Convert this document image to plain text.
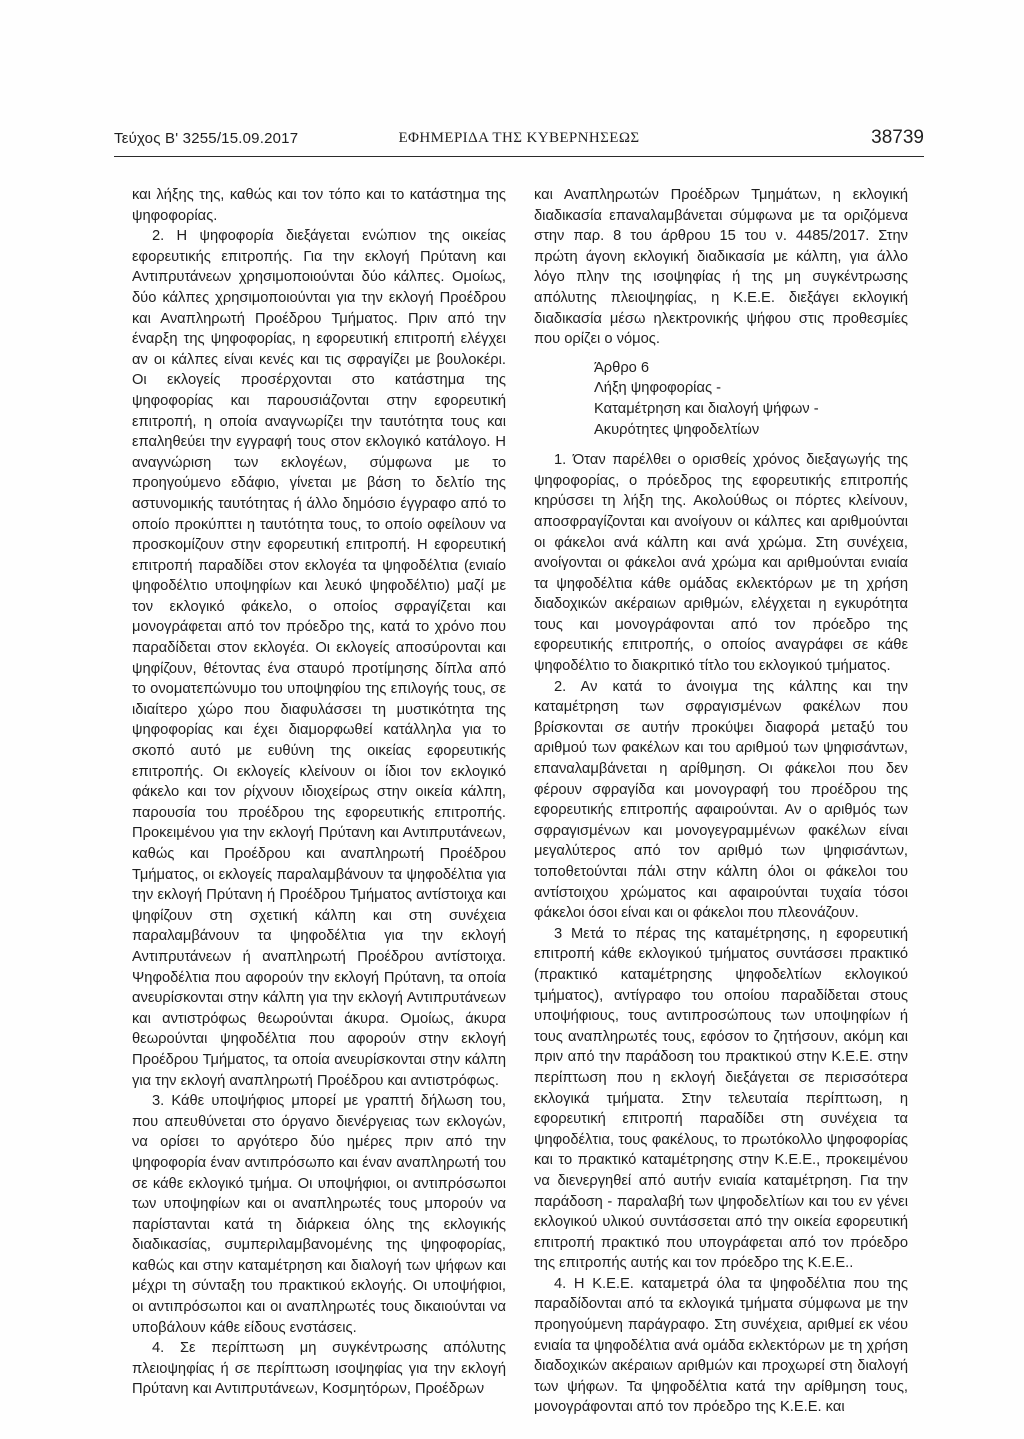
Τεύχος Β' 3255/15.09.2017	ΕΦΗΜΕΡΙΔΑ ΤΗΣ ΚΥΒΕΡΝΗΣΕΩΣ	38739

και λήξης της, καθώς και τον τόπο και το κατάστημα της ψηφοφορίας.

2. Η ψηφοφορία διεξάγεται ενώπιον της οικείας εφορευτικής επιτροπής. Για την εκλογή Πρύτανη και Αντιπρυτάνεων χρησιμοποιούνται δύο κάλπες. Ομοίως, δύο κάλπες χρησιμοποιούνται για την εκλογή Προέδρου και Αναπληρωτή Προέδρου Τμήματος. Πριν από την έναρξη της ψηφοφορίας, η εφορευτική επιτροπή ελέγχει αν οι κάλπες είναι κενές και τις σφραγίζει με βουλοκέρι. Οι εκλογείς προσέρχονται στο κατάστημα της ψηφοφορίας και παρουσιάζονται στην εφορευτική επιτροπή, η οποία αναγνωρίζει την ταυτότητα τους και επαληθεύει την εγγραφή τους στον εκλογικό κατάλογο. Η αναγνώριση των εκλογέων, σύμφωνα με το προηγούμενο εδάφιο, γίνεται με βάση το δελτίο της αστυνομικής ταυτότητας ή άλλο δημόσιο έγγραφο από το οποίο προκύπτει η ταυτότητα τους, το οποίο οφείλουν να προσκομίζουν στην εφορευτική επιτροπή. Η εφορευτική επιτροπή παραδίδει στον εκλογέα τα ψηφοδέλτια (ενιαίο ψηφοδέλτιο υποψηφίων και λευκό ψηφοδέλτιο) μαζί με τον εκλογικό φάκελο, ο οποίος σφραγίζεται και μονογράφεται από τον πρόεδρο της, κατά το χρόνο που παραδίδεται στον εκλογέα. Οι εκλογείς αποσύρονται και ψηφίζουν, θέτοντας ένα σταυρό προτίμησης δίπλα από το ονοματεπώνυμο του υποψηφίου της επιλογής τους, σε ιδιαίτερο χώρο που διαφυλάσσει τη μυστικότητα της ψηφοφορίας και έχει διαμορφωθεί κατάλληλα για το σκοπό αυτό με ευθύνη της οικείας εφορευτικής επιτροπής. Οι εκλογείς κλείνουν οι ίδιοι τον εκλογικό φάκελο και τον ρίχνουν ιδιοχείρως στην οικεία κάλπη, παρουσία του προέδρου της εφορευτικής επιτροπής. Προκειμένου για την εκλογή Πρύτανη και Αντιπρυτάνεων, καθώς και Προέδρου και αναπληρωτή Προέδρου Τμήματος, οι εκλογείς παραλαμβάνουν τα ψηφοδέλτια για την εκλογή Πρύτανη ή Προέδρου Τμήματος αντίστοιχα και ψηφίζουν στη σχετική κάλπη και στη συνέχεια παραλαμβάνουν τα ψηφοδέλτια για την εκλογή Αντιπρυτάνεων ή αναπληρωτή Προέδρου αντίστοιχα. Ψηφοδέλτια που αφορούν την εκλογή Πρύτανη, τα οποία ανευρίσκονται στην κάλπη για την εκλογή Αντιπρυτάνεων και αντιστρόφως θεωρούνται άκυρα. Ομοίως, άκυρα θεωρούνται ψηφοδέλτια που αφορούν στην εκλογή Προέδρου Τμήματος, τα οποία ανευρίσκονται στην κάλπη για την εκλογή αναπληρωτή Προέδρου και αντιστρόφως.

3. Κάθε υποψήφιος μπορεί με γραπτή δήλωση του, που απευθύνεται στο όργανο διενέργειας των εκλογών, να ορίσει το αργότερο δύο ημέρες πριν από την ψηφοφορία έναν αντιπρόσωπο και έναν αναπληρωτή του σε κάθε εκλογικό τμήμα. Οι υποψήφιοι, οι αντιπρόσωποι των υποψηφίων και οι αναπληρωτές τους μπορούν να παρίστανται κατά τη διάρκεια όλης της εκλογικής διαδικασίας, συμπεριλαμβανομένης της ψηφοφορίας, καθώς και στην καταμέτρηση και διαλογή των ψήφων και μέχρι τη σύνταξη του πρακτικού εκλογής. Οι υποψήφιοι, οι αντιπρόσωποι και οι αναπληρωτές τους δικαιούνται να υποβάλουν κάθε είδους ενστάσεις.

4. Σε περίπτωση μη συγκέντρωσης απόλυτης πλειοψηφίας ή σε περίπτωση ισοψηφίας για την εκλογή Πρύτανη και Αντιπρυτάνεων, Κοσμητόρων, Προέδρων

και Αναπληρωτών Προέδρων Τμημάτων, η εκλογική διαδικασία επαναλαμβάνεται σύμφωνα με τα οριζόμενα στην παρ. 8 του άρθρου 15 του ν. 4485/2017. Στην πρώτη άγονη εκλογική διαδικασία με κάλπη, για άλλο λόγο πλην της ισοψηφίας ή της μη συγκέντρωσης απόλυτης πλειοψηφίας, η Κ.Ε.Ε. διεξάγει εκλογική διαδικασία μέσω ηλεκτρονικής ψήφου στις προθεσμίες που ορίζει ο νόμος.

Άρθρο 6
Λήξη ψηφοφορίας -
Καταμέτρηση και διαλογή ψήφων -
Ακυρότητες ψηφοδελτίων

1. Όταν παρέλθει ο ορισθείς χρόνος διεξαγωγής της ψηφοφορίας, ο πρόεδρος της εφορευτικής επιτροπής κηρύσσει τη λήξη της. Ακολούθως οι πόρτες κλείνουν, αποσφραγίζονται και ανοίγουν οι κάλπες και αριθμούνται οι φάκελοι ανά κάλπη και ανά χρώμα. Στη συνέχεια, ανοίγονται οι φάκελοι ανά χρώμα και αριθμούνται ενιαία τα ψηφοδέλτια κάθε ομάδας εκλεκτόρων με τη χρήση διαδοχικών ακέραιων αριθμών, ελέγχεται η εγκυρότητα τους και μονογράφονται από τον πρόεδρο της εφορευτικής επιτροπής, ο οποίος αναγράφει σε κάθε ψηφοδέλτιο το διακριτικό τίτλο του εκλογικού τμήματος.

2. Αν κατά το άνοιγμα της κάλπης και την καταμέτρηση των σφραγισμένων φακέλων που βρίσκονται σε αυτήν προκύψει διαφορά μεταξύ του αριθμού των φακέλων και του αριθμού των ψηφισάντων, επαναλαμβάνεται η αρίθμηση. Οι φάκελοι που δεν φέρουν σφραγίδα και μονογραφή του προέδρου της εφορευτικής επιτροπής αφαιρούνται. Αν ο αριθμός των σφραγισμένων και μονογεγραμμένων φακέλων είναι μεγαλύτερος από τον αριθμό των ψηφισάντων, τοποθετούνται πάλι στην κάλπη όλοι οι φάκελοι του αντίστοιχου χρώματος και αφαιρούνται τυχαία τόσοι φάκελοι όσοι είναι και οι φάκελοι που πλεονάζουν.

3 Μετά το πέρας της καταμέτρησης, η εφορευτική επιτροπή κάθε εκλογικού τμήματος συντάσσει πρακτικό (πρακτικό καταμέτρησης ψηφοδελτίων εκλογικού τμήματος), αντίγραφο του οποίου παραδίδεται στους υποψήφιους, τους αντιπροσώπους των υποψηφίων ή τους αναπληρωτές τους, εφόσον το ζητήσουν, ακόμη και πριν από την παράδοση του πρακτικού στην Κ.Ε.Ε. στην περίπτωση που η εκλογή διεξάγεται σε περισσότερα εκλογικά τμήματα. Στην τελευταία περίπτωση, η εφορευτική επιτροπή παραδίδει στη συνέχεια τα ψηφοδέλτια, τους φακέλους, το πρωτόκολλο ψηφοφορίας και το πρακτικό καταμέτρησης στην Κ.Ε.Ε., προκειμένου να διενεργηθεί από αυτήν ενιαία καταμέτρηση. Για την παράδοση - παραλαβή των ψηφοδελτίων και του εν γένει εκλογικού υλικού συντάσσεται από την οικεία εφορευτική επιτροπή πρακτικό που υπογράφεται από τον πρόεδρο της επιτροπής αυτής και τον πρόεδρο της Κ.Ε.Ε..

4. Η Κ.Ε.Ε. καταμετρά όλα τα ψηφοδέλτια που της παραδίδονται από τα εκλογικά τμήματα σύμφωνα με την προηγούμενη παράγραφο. Στη συνέχεια, αριθμεί εκ νέου ενιαία τα ψηφοδέλτια ανά ομάδα εκλεκτόρων με τη χρήση διαδοχικών ακέραιων αριθμών και προχωρεί στη διαλογή των ψήφων. Τα ψηφοδέλτια κατά την αρίθμηση τους, μονογράφονται από τον πρόεδρο της Κ.Ε.Ε. και
